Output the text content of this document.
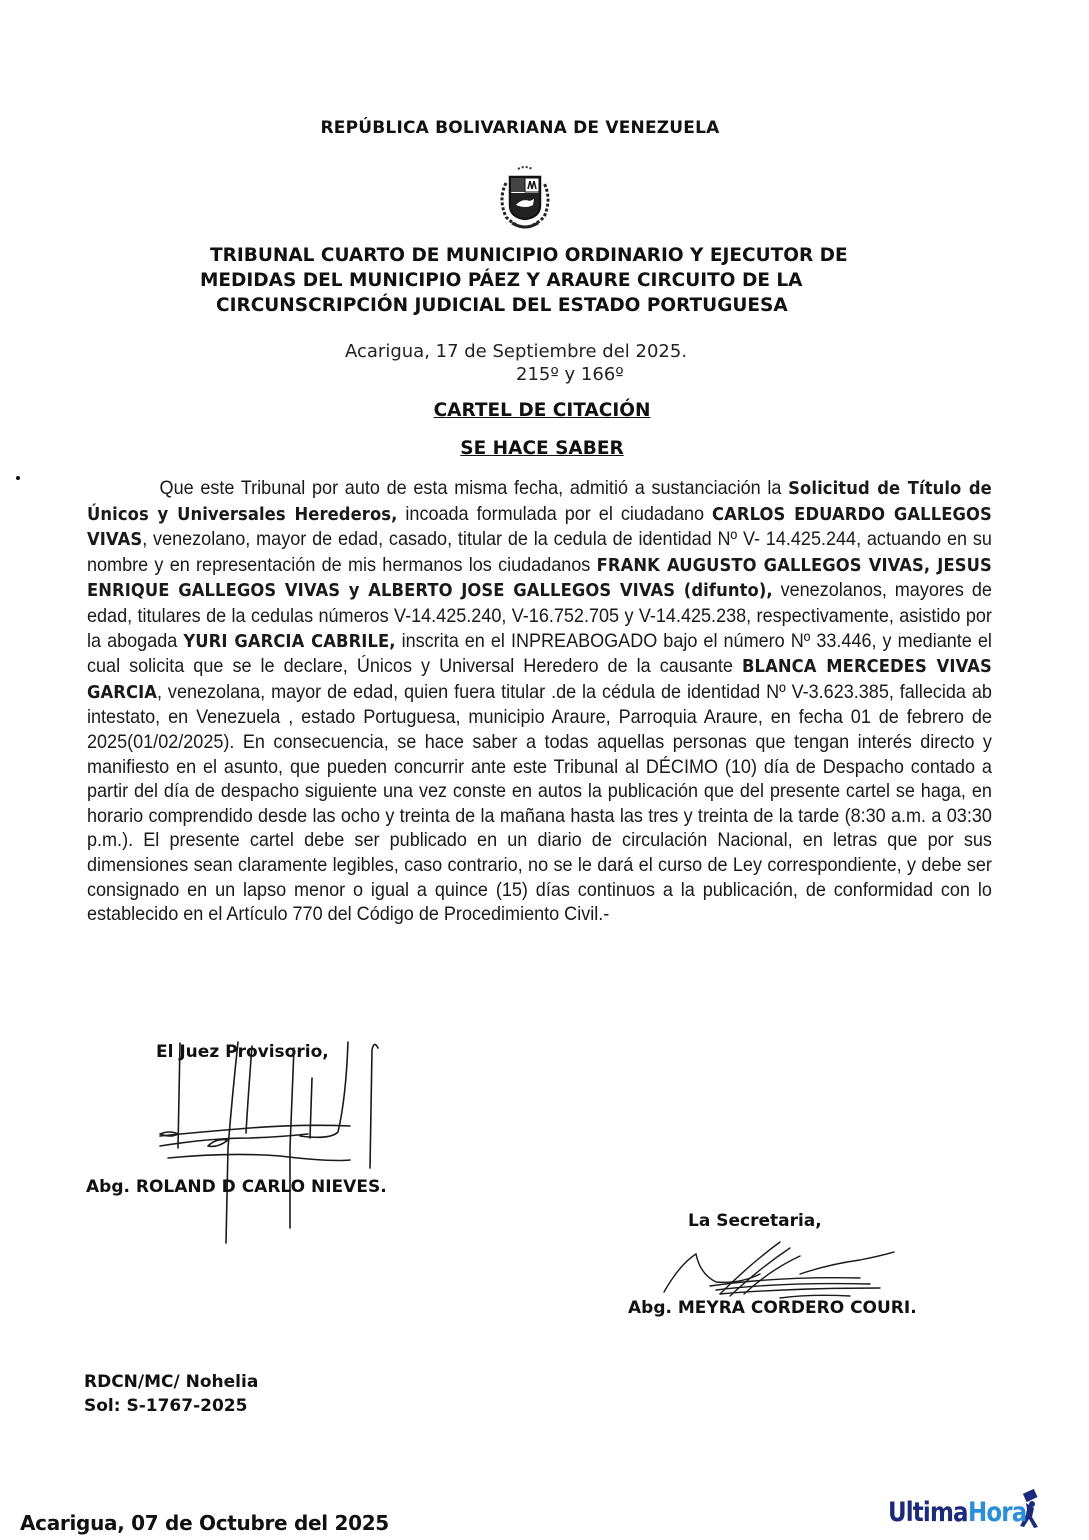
REPÚBLICA BOLIVARIANA DE VENEZUELA
TRIBUNAL CUARTO DE MUNICIPIO ORDINARIO Y EJECUTOR DE
MEDIDAS DEL MUNICIPIO PÁEZ Y ARAURE CIRCUITO DE LA
CIRCUNSCRIPCIÓN JUDICIAL DEL ESTADO PORTUGUESA
Acarigua, 17 de Septiembre del 2025.
215º y 166º
CARTEL DE CITACIÓN
SE HACE SABER
Que este Tribunal por auto de esta misma fecha, admitió a sustanciación la Solicitud de Título de Únicos y Universales Herederos, incoada formulada por el ciudadano CARLOS EDUARDO GALLEGOS VIVAS, venezolano, mayor de edad, casado, titular de la cedula de identidad Nº V- 14.425.244, actuando en su nombre y en representación de mis hermanos los ciudadanos FRANK AUGUSTO GALLEGOS VIVAS, JESUS ENRIQUE GALLEGOS VIVAS y ALBERTO JOSE GALLEGOS VIVAS (difunto), venezolanos, mayores de edad, titulares de la cedulas números V-14.425.240, V-16.752.705 y V-14.425.238, respectivamente, asistido por la abogada YURI GARCIA CABRILE, inscrita en el INPREABOGADO bajo el número Nº 33.446, y mediante el cual solicita que se le declare, Únicos y Universal Heredero de la causante BLANCA MERCEDES VIVAS GARCIA, venezolana, mayor de edad, quien fuera titular .de la cédula de identidad Nº V-3.623.385, fallecida ab intestato, en Venezuela , estado Portuguesa, municipio Araure, Parroquia Araure, en fecha 01 de febrero de 2025(01/02/2025). En consecuencia, se hace saber a todas aquellas personas que tengan interés directo y manifiesto en el asunto, que pueden concurrir ante este Tribunal al DÉCIMO (10) día de Despacho contado a partir del día de despacho siguiente una vez conste en autos la publicación que del presente cartel se haga, en horario comprendido desde las ocho y treinta de la mañana hasta las tres y treinta de la tarde (8:30 a.m. a 03:30 p.m.). El presente cartel debe ser publicado en un diario de circulación Nacional, en letras que por sus dimensiones sean claramente legibles, caso contrario, no se le dará el curso de Ley correspondiente, y debe ser consignado en un lapso menor o igual a quince (15) días continuos a la publicación, de conformidad con lo establecido en el Artículo 770 del Código de Procedimiento Civil.-
El Juez Provisorio,
Abg. ROLAND D CARLO NIEVES.
La Secretaria,
Abg. MEYRA CORDERO COURI.
RDCN/MC/ Nohelia
Sol: S-1767-2025
Acarigua, 07 de Octubre del 2025	Ultima Hora
